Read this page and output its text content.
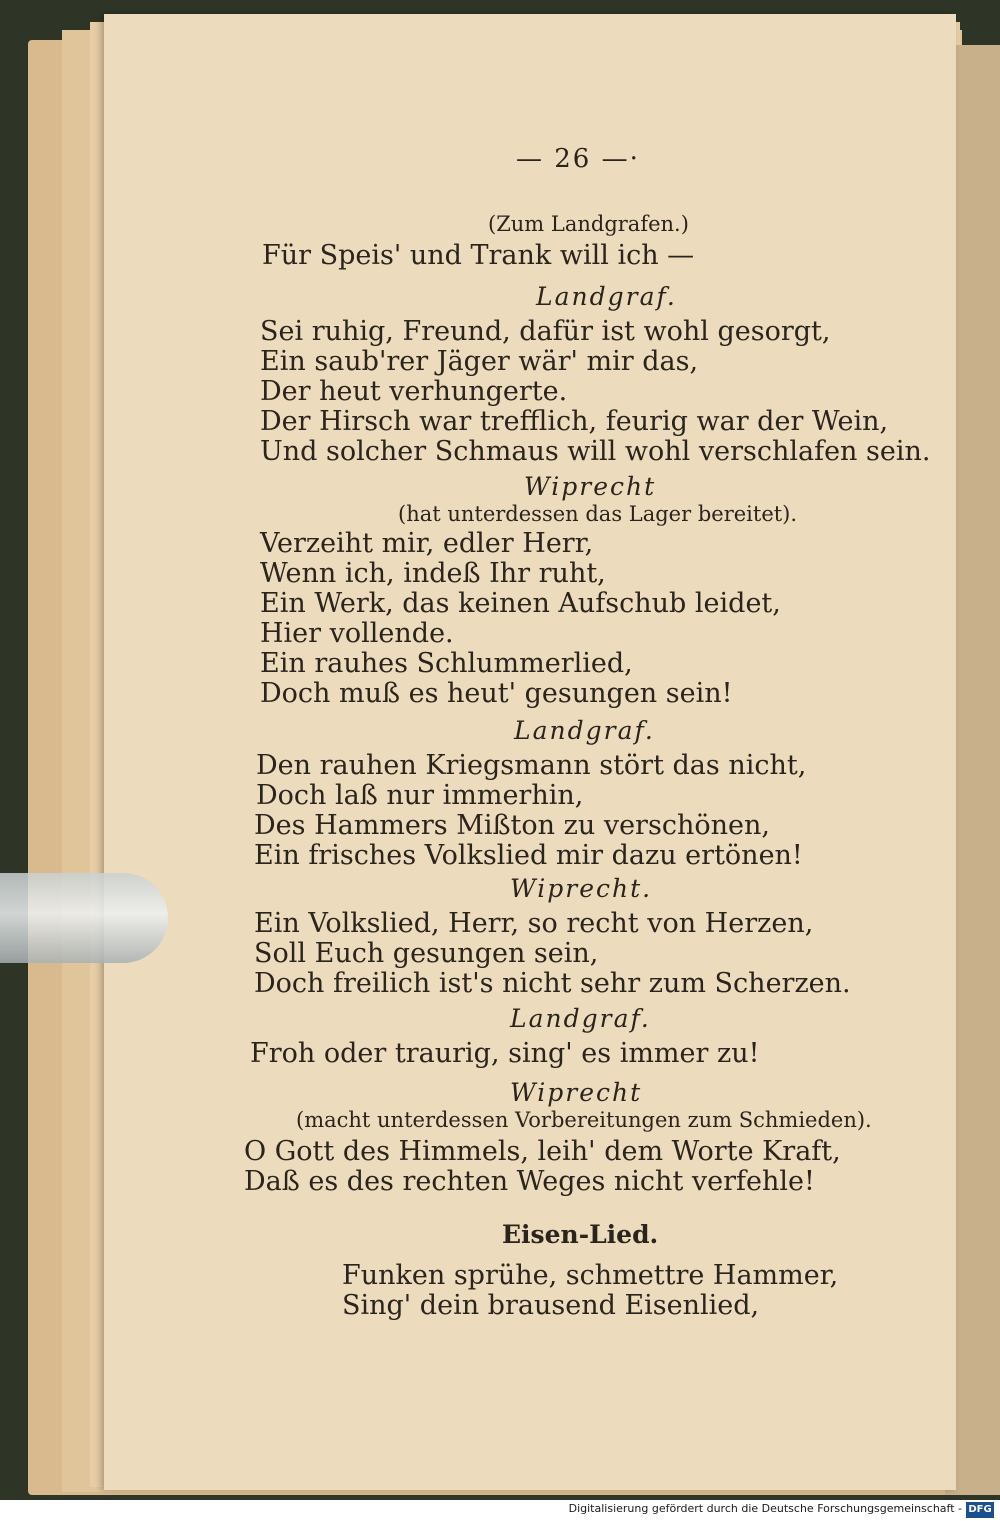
— 26 —·
(Zum Landgrafen.)
Für Speis' und Trank will ich —
Landgraf.
Sei ruhig, Freund, dafür ist wohl gesorgt,
Ein saub'rer Jäger wär' mir das,
Der heut verhungerte.
Der Hirsch war trefflich, feurig war der Wein,
Und solcher Schmaus will wohl verschlafen sein.
Wiprecht
(hat unterdessen das Lager bereitet).
Verzeiht mir, edler Herr,
Wenn ich, indeß Ihr ruht,
Ein Werk, das keinen Aufschub leidet,
Hier vollende.
Ein rauhes Schlummerlied,
Doch muß es heut' gesungen sein!
Landgraf.
Den rauhen Kriegsmann stört das nicht,
Doch laß nur immerhin,
Des Hammers Mißton zu verschönen,
Ein frisches Volkslied mir dazu ertönen!
Wiprecht.
Ein Volkslied, Herr, so recht von Herzen,
Soll Euch gesungen sein,
Doch freilich ist's nicht sehr zum Scherzen.
Landgraf.
Froh oder traurig, sing' es immer zu!
Wiprecht
(macht unterdessen Vorbereitungen zum Schmieden).
O Gott des Himmels, leih' dem Worte Kraft,
Daß es des rechten Weges nicht verfehle!
Eisen-Lied.
Funken sprühe, schmettre Hammer,
Sing' dein brausend Eisenlied,
Digitalisierung gefördert durch die Deutsche Forschungsgemeinschaft - DFG
